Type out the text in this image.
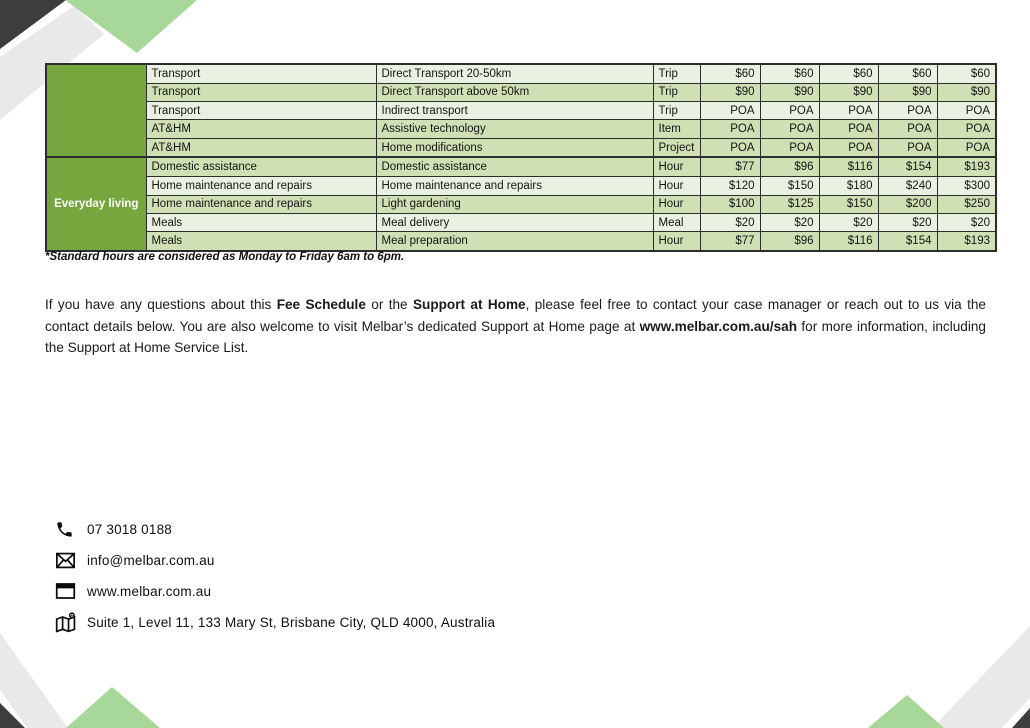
	Transport	Direct Transport 20-50km	Trip	$60	$60	$60	$60	$60
	Transport	Direct Transport above 50km	Trip	$90	$90	$90	$90	$90
	Transport	Indirect transport	Trip	POA	POA	POA	POA	POA
	AT&HM	Assistive technology	Item	POA	POA	POA	POA	POA
	AT&HM	Home modifications	Project	POA	POA	POA	POA	POA
Everyday living	Domestic assistance	Domestic assistance	Hour	$77	$96	$116	$154	$193
	Home maintenance and repairs	Home maintenance and repairs	Hour	$120	$150	$180	$240	$300
	Home maintenance and repairs	Light gardening	Hour	$100	$125	$150	$200	$250
	Meals	Meal delivery	Meal	$20	$20	$20	$20	$20
	Meals	Meal preparation	Hour	$77	$96	$116	$154	$193
*Standard hours are considered as Monday to Friday 6am to 6pm.

If you have any questions about this Fee Schedule or the Support at Home, please feel free to contact your case manager or reach out to us via the contact details below. You are also welcome to visit Melbar’s dedicated Support at Home page at www.melbar.com.au/sah for more information, including the Support at Home Service List.

07 3018 0188
info@melbar.com.au
www.melbar.com.au
Suite 1, Level 11, 133 Mary St, Brisbane City, QLD 4000, Australia
